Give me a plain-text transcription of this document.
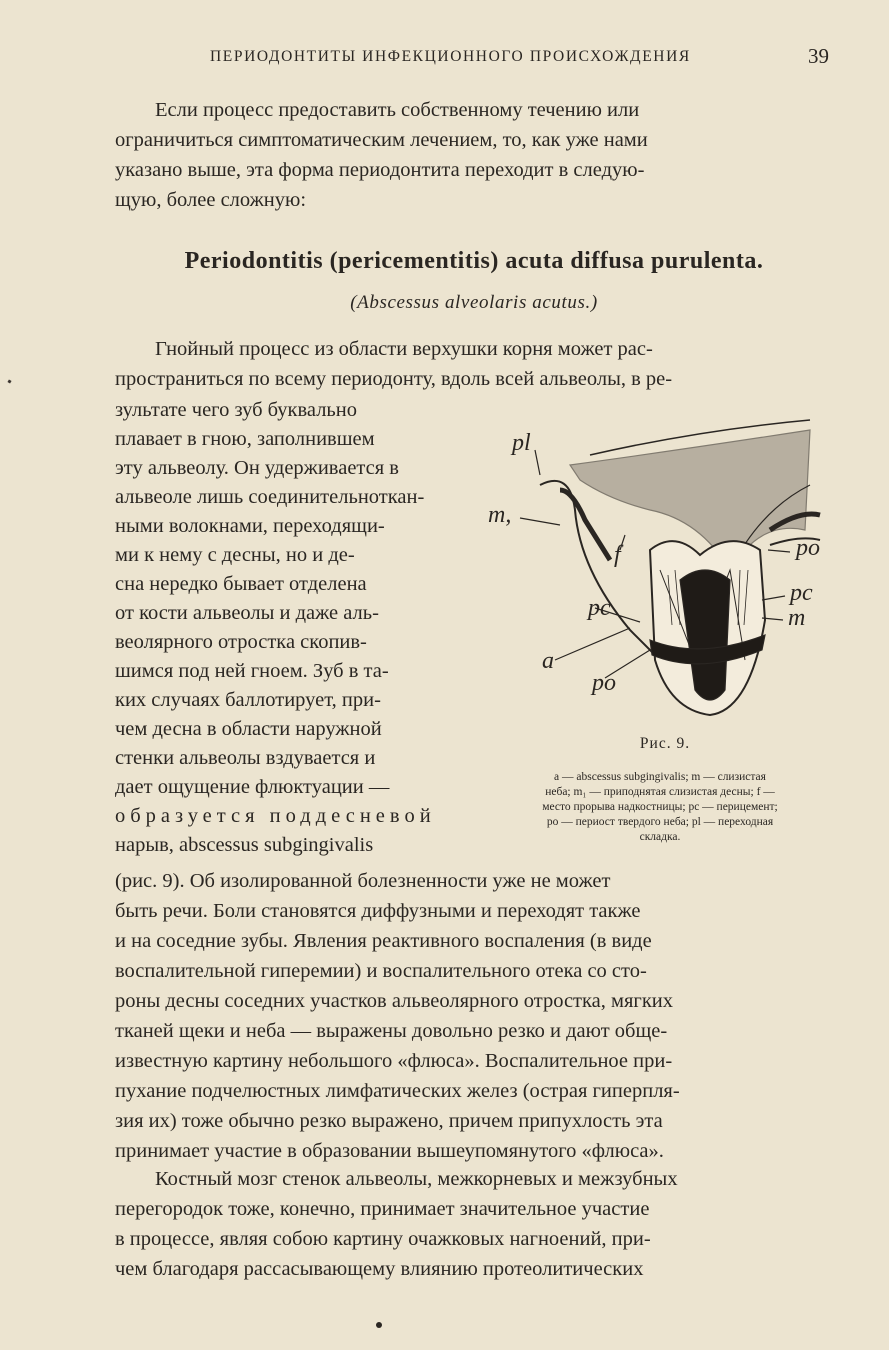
ПЕРИОДОНТИТЫ ИНФЕКЦИОННОГО ПРОИСХОЖДЕНИЯ	39
Если процесс предоставить собственному течению или
ограничиться симптоматическим лечением, то, как уже нами
указано выше, эта форма периодонтита переходит в следую-
щую, более сложную:
Periodontitis (pericementitis) acuta diffusa purulenta.
(Abscessus alveolaris acutus.)
Гнойный процесс из области верхушки корня может рас-
пространиться по всему периодонту, вдоль всей альвеолы, в ре-
зультате чего зуб буквально
плавает в гною, заполнившем
эту альвеолу. Он удерживается в
альвеоле лишь соединительноткан-
ными волокнами, переходящи-
ми к нему с десны, но и де-
сна нередко бывает отделена
от кости альвеолы и даже аль-
веолярного отростка скопив-
шимся под ней гноем. Зуб в та-
ких случаях баллотирует, при-
чем десна в области наружной
стенки альвеолы вздувается и
дает ощущение флюктуации —
образуется поддесневой
нарыв, abscessus subgingivalis
(рис. 9). Об изолированной болезненности уже не может
быть речи. Боли становятся диффузными и переходят также
и на соседние зубы. Явления реактивного воспаления (в виде
воспалительной гиперемии) и воспалительного отека со сто-
роны десны соседних участков альвеолярного отростка, мягких
тканей щеки и неба — выражены довольно резко и дают обще-
известную картину небольшого «флюса». Воспалительное при-
пухание подчелюстных лимфатических желез (острая гиперпля-
зия их) тоже обычно резко выражено, причем припухлость эта
принимает участие в образовании вышеупомянутого «флюса».
Костный мозг стенок альвеолы, межкорневых и межзубных
перегородок тоже, конечно, принимает значительное участие
в процессе, являя собою картину очажковых нагноений, при-
чем благодаря рассасывающему влиянию протеолитических
pl
m,
f	po
pc
m
pc
a
po
Рис. 9.
a — abscessus subgingivalis; m — слизистая
неба; m₁ — приподнятая слизистая десны; f —
место прорыва надкостницы; pc — перицемент;
po — периост твердого неба; pl — переходная
складка.
